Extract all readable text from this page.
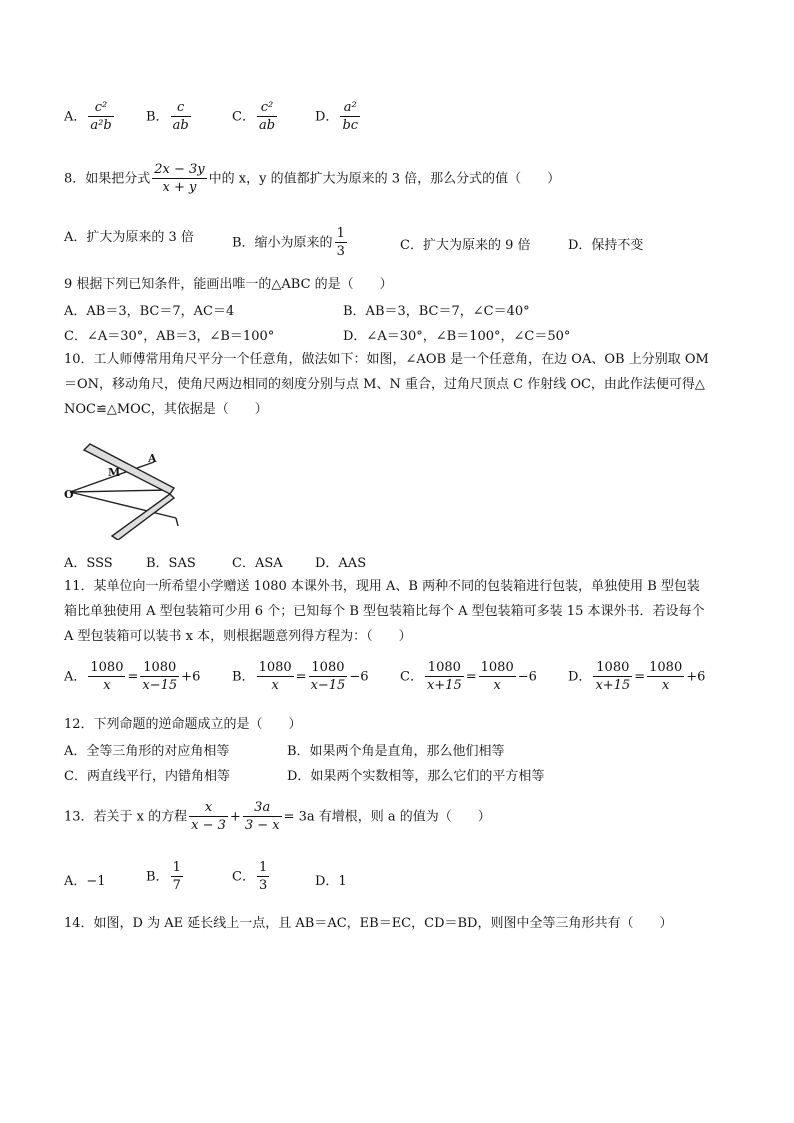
A． $\frac{\text{c²}}{\text{a²b}}$ B． $\frac{c}{ab}$	C． $\frac{\text{c²}}{ab}$	D． $\frac{\text{a²}}{bc}$
8．如果把分式 $\frac{2x - 3y}{x + y}$ 中的 x，y 的值都扩大为原来的 3 倍，那么分式的值（　　）
A．扩大为原来的 3 倍	B．缩小为原来的 $\frac{1}{3}$	C．扩大为原来的 9 倍	D．保持不变
9 根据下列已知条件，能画出唯一的△ABC 的是（　　）
A．AB＝3，BC＝7，AC＝4	B．AB＝3，BC＝7，∠C＝40°
C．∠A＝30°，AB＝3，∠B＝100°	D．∠A＝30°，∠B＝100°，∠C＝50°
10．工人师傅常用角尺平分一个任意角，做法如下：如图，∠AOB 是一个任意角，在边 OA、OB 上分别取 OM
＝ON，移动角尺，使角尺两边相同的刻度分别与点 M、N 重合，过角尺顶点 C 作射线 OC，由此作法便可得△
NOC≌△MOC，其依据是（　　）
O
M
A
A．SSS	B．SAS	C．ASA D．AAS
11．某单位向一所希望小学赠送 1080 本课外书，现用 A、B 两种不同的包装箱进行包装，单独使用 B 型包装
箱比单独使用 A 型包装箱可少用 6 个；已知每个 B 型包装箱比每个 A 型包装箱可多装 15 本课外书．若设每个
A 型包装箱可以装书 x 本，则根据题意列得方程为：（　　）
A． $\frac{1080}{x} = \frac{1080}{x-15} +6$ B． $\frac{1080}{x} = \frac{1080}{x-15} -6$ C． $\frac{1080}{x+15} = \frac{1080}{x} -6$ D． $\frac{1080}{x+15} = \frac{1080}{x} +6$
12．下列命题的逆命题成立的是（　　）
A．全等三角形的对应角相等	B．如果两个角是直角，那么他们相等
C．两直线平行，内错角相等	D．如果两个实数相等，那么它们的平方相等
13．若关于 x 的方程 $\frac{x}{x - 3} + \frac{3a}{3 - x} = 3a$ 有增根，则 a 的值为（　　）
A．−1	B． $\frac{1}{7}$	C． $\frac{1}{3}$	D．1
14．如图，D 为 AE 延长线上一点，且 AB＝AC，EB＝EC，CD＝BD，则图中全等三角形共有（　　）
